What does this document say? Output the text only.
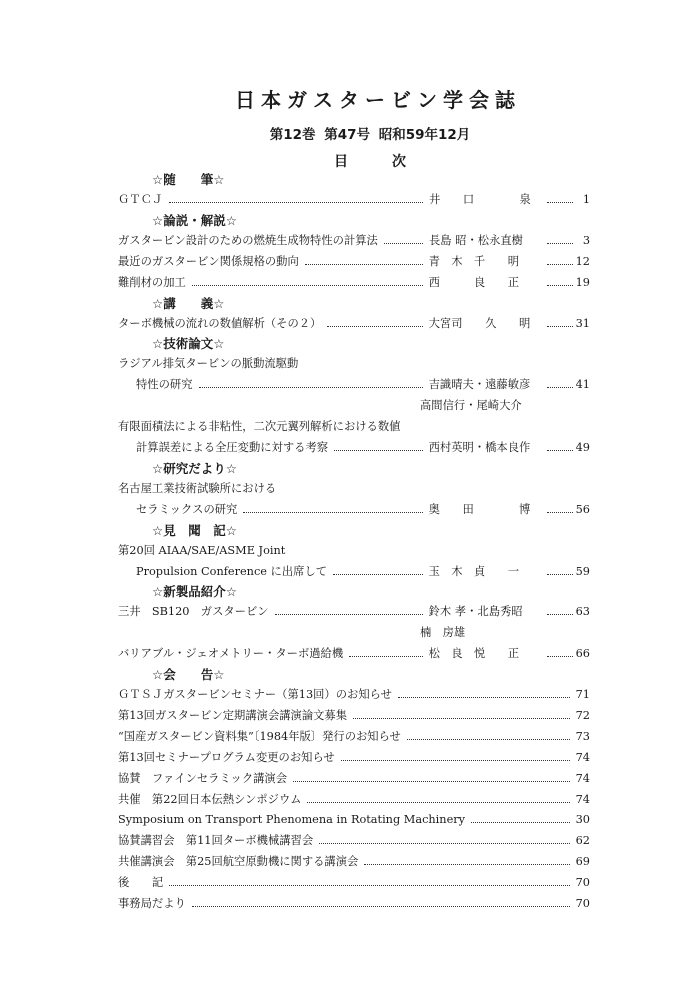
日本ガスタービン学会誌
第12巻 第47号 昭和59年12月
目	次
☆随　　筆☆
ＧＴＣＪ	井　　口　　　　泉	1
☆論説・解説☆
ガスタービン設計のための燃焼生成物特性の計算法	長島 昭・松永直樹	3
最近のガスタービン関係規格の動向	青　木　千　　明	12
難削材の加工	西　　　良　　正	19
☆講　　義☆
ターボ機械の流れの数値解析（その２）	大宮司　　久　　明	31
☆技術論文☆
ラジアル排気タービンの脈動流駆動
特性の研究	吉識晴夫・遠藤敏彦	41
高間信行・尾崎大介
有限面積法による非粘性，二次元翼列解析における数値
計算誤差による全圧変動に対する考察	西村英明・橋本良作	49
☆研究だより☆
名古屋工業技術試験所における
セラミックスの研究	奥　　田　　　　博	56
☆見　聞　記☆
第20回 AIAA/SAE/ASME Joint
Propulsion Conference に出席して	玉　木　貞　　一	59
☆新製品紹介☆
三井　SB120　ガスタービン	鈴木 孝・北島秀昭	63
楠　房雄
バリアブル・ジェオメトリー・ターボ過給機	松　良　悦　　正	66
☆会　　告☆
ＧＴＳＪガスタービンセミナー（第13回）のお知らせ	71
第13回ガスタービン定期講演会講演論文募集	72
“国産ガスタービン資料集”〔1984年版〕発行のお知らせ	73
第13回セミナープログラム変更のお知らせ	74
協賛　ファインセラミック講演会	74
共催　第22回日本伝熱シンポジウム	74
Symposium on Transport Phenomena in Rotating Machinery	30
協賛講習会　第11回ターボ機械講習会	62
共催講演会　第25回航空原動機に関する講演会	69
後　　記	70
事務局だより	70
